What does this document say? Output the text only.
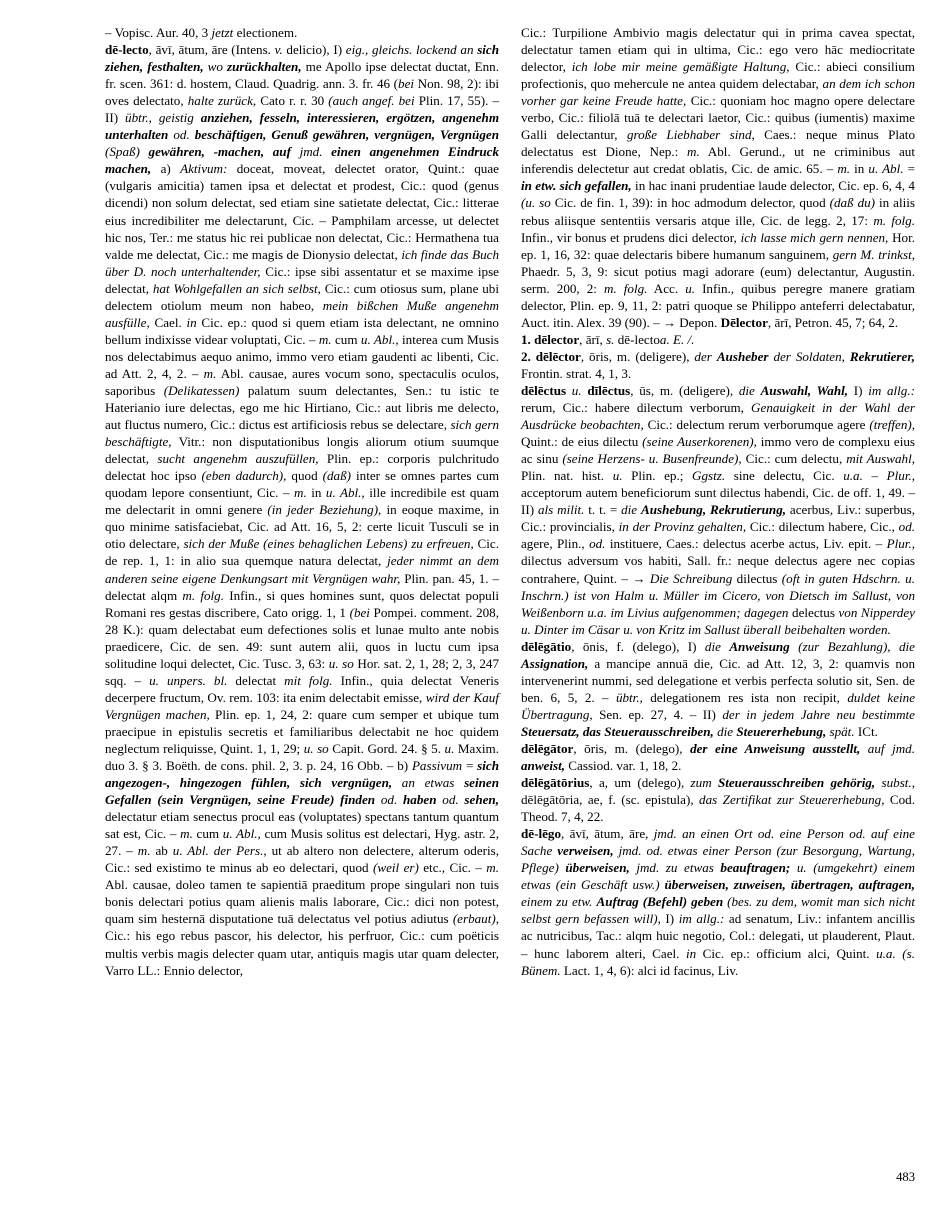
– Vopisc. Aur. 40, 3 jetzt electionem.

dē-lecto, āvī, ātum, āre (Intens. v. delicio), I) eig., gleichs. lockend an sich ziehen, festhalten, wo zurückhalten, me Apollo ipse delectat ductat, Enn. fr. scen. 361: d. hostem, Claud. Quadrig. ann. 3. fr. 46 (bei Non. 98, 2): ibi oves delectato, halte zurück, Cato r. r. 30 (auch angef. bei Plin. 17, 55). – II) übtr., geistig anziehen, fesseln, interessieren, ergötzen, angenehm unterhalten od. beschäftigen, Genuß gewähren, vergnügen, Vergnügen (Spaß) gewähren, -machen, auf jmd. einen angenehmen Eindruck machen, a) Aktivum: doceat, moveat, delectet orator, Quint.: quae (vulgaris amicitia) tamen ipsa et delectat et prodest, Cic.: quod (genus dicendi) non solum delectat, sed etiam sine satietate delectat, Cic.: litterae eius incredibiliter me delectarunt, Cic. – Pamphilam arcesse, ut delectet hic nos, Ter.: me status hic rei publicae non delectat, Cic.: Hermathena tua valde me delectat, Cic.: me magis de Dionysio delectat, ich finde das Buch über D. noch unterhaltender, Cic.: ipse sibi assentatur et se maxime ipse delectat, hat Wohlgefallen an sich selbst, Cic.: cum otiosus sum, plane ubi delectem otiolum meum non habeo, mein bißchen Muße angenehm ausfülle, Cael. in Cic. ep.: quod si quem etiam ista delectant, ne omnino bellum indixisse videar voluptati, Cic. – m. cum u. Abl., interea cum Musis nos delectabimus aequo animo, immo vero etiam gaudenti ac libenti, Cic. ad Att. 2, 4, 2. – m. Abl. causae, aures vocum sono, spectaculis oculos, saporibus (Delikatessen) palatum suum delectantes, Sen.: tu istic te Haterianio iure delectas, ego me hic Hirtiano, Cic.: aut libris me delecto, aut fluctus numero, Cic.: dictus est artificiosis rebus se delectare, sich gern beschäftigte, Vitr.: non disputationibus longis aliorum otium suumque delectat, sucht angenehm auszufüllen, Plin. ep.: corporis pulchritudo delectat hoc ipso (eben dadurch), quod (daß) inter se omnes partes cum quodam lepore consentiunt, Cic. – m. in u. Abl., ille incredibile est quam me delectarit in omni genere (in jeder Beziehung), in eoque maxime, in quo minime satisfaciebat, Cic. ad Att. 16, 5, 2: certe licuit Tusculi se in otio delectare, sich der Muße (eines behaglichen Lebens) zu erfreuen, Cic. de rep. 1, 1: in alio sua quemque natura delectat, jeder nimmt an dem anderen seine eigene Denkungsart mit Vergnügen wahr, Plin. pan. 45, 1. – delectat alqm m. folg. Infin., si ques homines sunt, quos delectat populi Romani res gestas discribere, Cato origg. 1, 1 (bei Pompei. comment. 208, 28 K.): quam delectabat eum defectiones solis et lunae multo ante nobis praedicere, Cic. de sen. 49: sunt autem alii, quos in luctu cum ipsa solitudine loqui delectet, Cic. Tusc. 3, 63: u. so Hor. sat. 2, 1, 28; 2, 3, 247 sqq. – u. unpers. bl. delectat mit folg. Infin., quia delectat Veneris decerpere fructum, Ov. rem. 103: ita enim delectabit emisse, wird der Kauf Vergnügen machen, Plin. ep. 1, 24, 2: quare cum semper et ubique tum praecipue in epistulis secretis et familiaribus delectabit ne hoc quidem neglectum reliquisse, Quint. 1, 1, 29; u. so Capit. Gord. 24. § 5. u. Maxim. duo 3. § 3. Boëth. de cons. phil. 2, 3. p. 24, 16 Obb. – b) Passivum = sich angezogen-, hingezogen fühlen, sich vergnügen, an etwas seinen Gefallen (sein Vergnügen, seine Freude) finden od. haben od. sehen, delectatur etiam senectus procul eas (voluptates) spectans tantum quantum sat est, Cic. – m. cum u. Abl., cum Musis solitus est delectari, Hyg. astr. 2, 27. – m. ab u. Abl. der Pers., ut ab altero non delectere, alterum oderis, Cic.: sed existimo te minus ab eo delectari, quod (weil er) etc., Cic. – m. Abl. causae, doleo tamen te sapientiā praeditum prope singulari non tuis bonis delectari potius quam alienis malis laborare, Cic.: dici non potest, quam sim hesternā disputatione tuā delectatus vel potius adiutus (erbaut), Cic.: his ego rebus pascor, his delector, his perfruor, Cic.: cum poëticis multis verbis magis delecter quam utar, antiquis magis utar quam delecter, Varro LL.: Ennio delector,

Cic.: Turpilione Ambivio magis delectatur qui in prima cavea spectat, delectatur tamen etiam qui in ultima, Cic.: ego vero hāc mediocritate delector, ich lobe mir meine gemäßigte Haltung, Cic.: abieci consilium profectionis, quo mehercule ne antea quidem delectabar, an dem ich schon vorher gar keine Freude hatte, Cic.: quoniam hoc magno opere delectare verbo, Cic.: filiolā tuā te delectari laetor, Cic.: quibus (iumentis) maxime Galli delectantur, große Liebhaber sind, Caes.: neque minus Plato delectatus est Dione, Nep.: m. Abl. Gerund., ut ne criminibus aut inferendis delectetur aut credat oblatis, Cic. de amic. 65. – m. in u. Abl. = in etw. sich gefallen, in hac inani prudentiae laude delector, Cic. ep. 6, 4, 4 (u. so Cic. de fin. 1, 39): in hoc admodum delector, quod (daß du) in aliis rebus aliisque sententiis versaris atque ille, Cic. de legg. 2, 17: m. folg. Infin., vir bonus et prudens dici delector, ich lasse mich gern nennen, Hor. ep. 1, 16, 32: quae delectaris bibere humanum sanguinem, gern M. trinkst, Phaedr. 5, 3, 9: sicut potius magi adorare (eum) delectantur, Augustin. serm. 200, 2: m. folg. Acc. u. Infin., quibus peregre manere gratiam delector, Plin. ep. 9, 11, 2: patri quoque se Philippo anteferri delectabatur, Auct. itin. Alex. 39 (90). – → Depon. Dēlector, ārī, Petron. 45, 7; 64, 2.

1. dēlector, ārī, s. dē-lectoa. E. /.

2. dēlēctor, ōris, m. (deligere), der Ausheber der Soldaten, Rekrutierer, Frontin. strat. 4, 1, 3.

dēlēctus u. dīlēctus, ūs, m. (deligere), die Auswahl, Wahl, I) im allg.: rerum, Cic.: habere dilectum verborum, Genauigkeit in der Wahl der Ausdrücke beobachten, Cic.: delectum rerum verborumque agere (treffen), Quint.: de eius dilectu (seine Auserkorenen), immo vero de complexu eius ac sinu (seine Herzens- u. Busenfreunde), Cic.: cum delectu, mit Auswahl, Plin. nat. hist. u. Plin. ep.; Ggstz. sine delectu, Cic. u.a. – Plur., acceptorum autem beneficiorum sunt dilectus habendi, Cic. de off. 1, 49. – II) als milit. t. t. = die Aushebung, Rekrutierung, acerbus, Liv.: superbus, Cic.: provincialis, in der Provinz gehalten, Cic.: dilectum habere, Cic., od. agere, Plin., od. instituere, Caes.: delectus acerbe actus, Liv. epit. – Plur., dilectus adversum vos habiti, Sall. fr.: neque delectus agere nec copias contrahere, Quint. – → Die Schreibung dilectus (oft in guten Hdschrn. u. Inschrn.) ist von Halm u. Müller im Cicero, von Dietsch im Sallust, von Weißenborn u.a. im Livius aufgenommen; dagegen delectus von Nipperdey u. Dinter im Cäsar u. von Kritz im Sallust überall beibehalten worden.

dēlēgātio, ōnis, f. (delego), I) die Anweisung (zur Bezahlung), die Assignation, a mancipe annuā die, Cic. ad Att. 12, 3, 2: quamvis non intervenerint nummi, sed delegatione et verbis perfecta solutio sit, Sen. de ben. 6, 5, 2. – übtr., delegationem res ista non recipit, duldet keine Übertragung, Sen. ep. 27, 4. – II) der in jedem Jahre neu bestimmte Steuersatz, das Steuerausschreiben, die Steuererhebung, spät. ICt.

dēlēgātor, ōris, m. (delego), der eine Anweisung ausstellt, auf jmd. anweist, Cassiod. var. 1, 18, 2.

dēlēgātōrius, a, um (delego), zum Steuerausschreiben gehörig, subst., dēlēgātōria, ae, f. (sc. epistula), das Zertifikat zur Steuererhebung, Cod. Theod. 7, 4, 22.

dē-lēgo, āvī, ātum, āre, jmd. an einen Ort od. eine Person od. auf eine Sache verweisen, jmd. od. etwas einer Person (zur Besorgung, Wartung, Pflege) überweisen, jmd. zu etwas beauftragen; u. (umgekehrt) einem etwas (ein Geschäft usw.) überweisen, zuweisen, übertragen, auftragen, einem zu etw. Auftrag (Befehl) geben (bes. zu dem, womit man sich nicht selbst gern befassen will), I) im allg.: ad senatum, Liv.: infantem ancillis ac nutricibus, Tac.: alqm huic negotio, Col.: delegati, ut plauderent, Plaut. – hunc laborem alteri, Cael. in Cic. ep.: officium alci, Quint. u.a. (s. Bünem. Lact. 1, 4, 6): alci id facinus, Liv.

483
